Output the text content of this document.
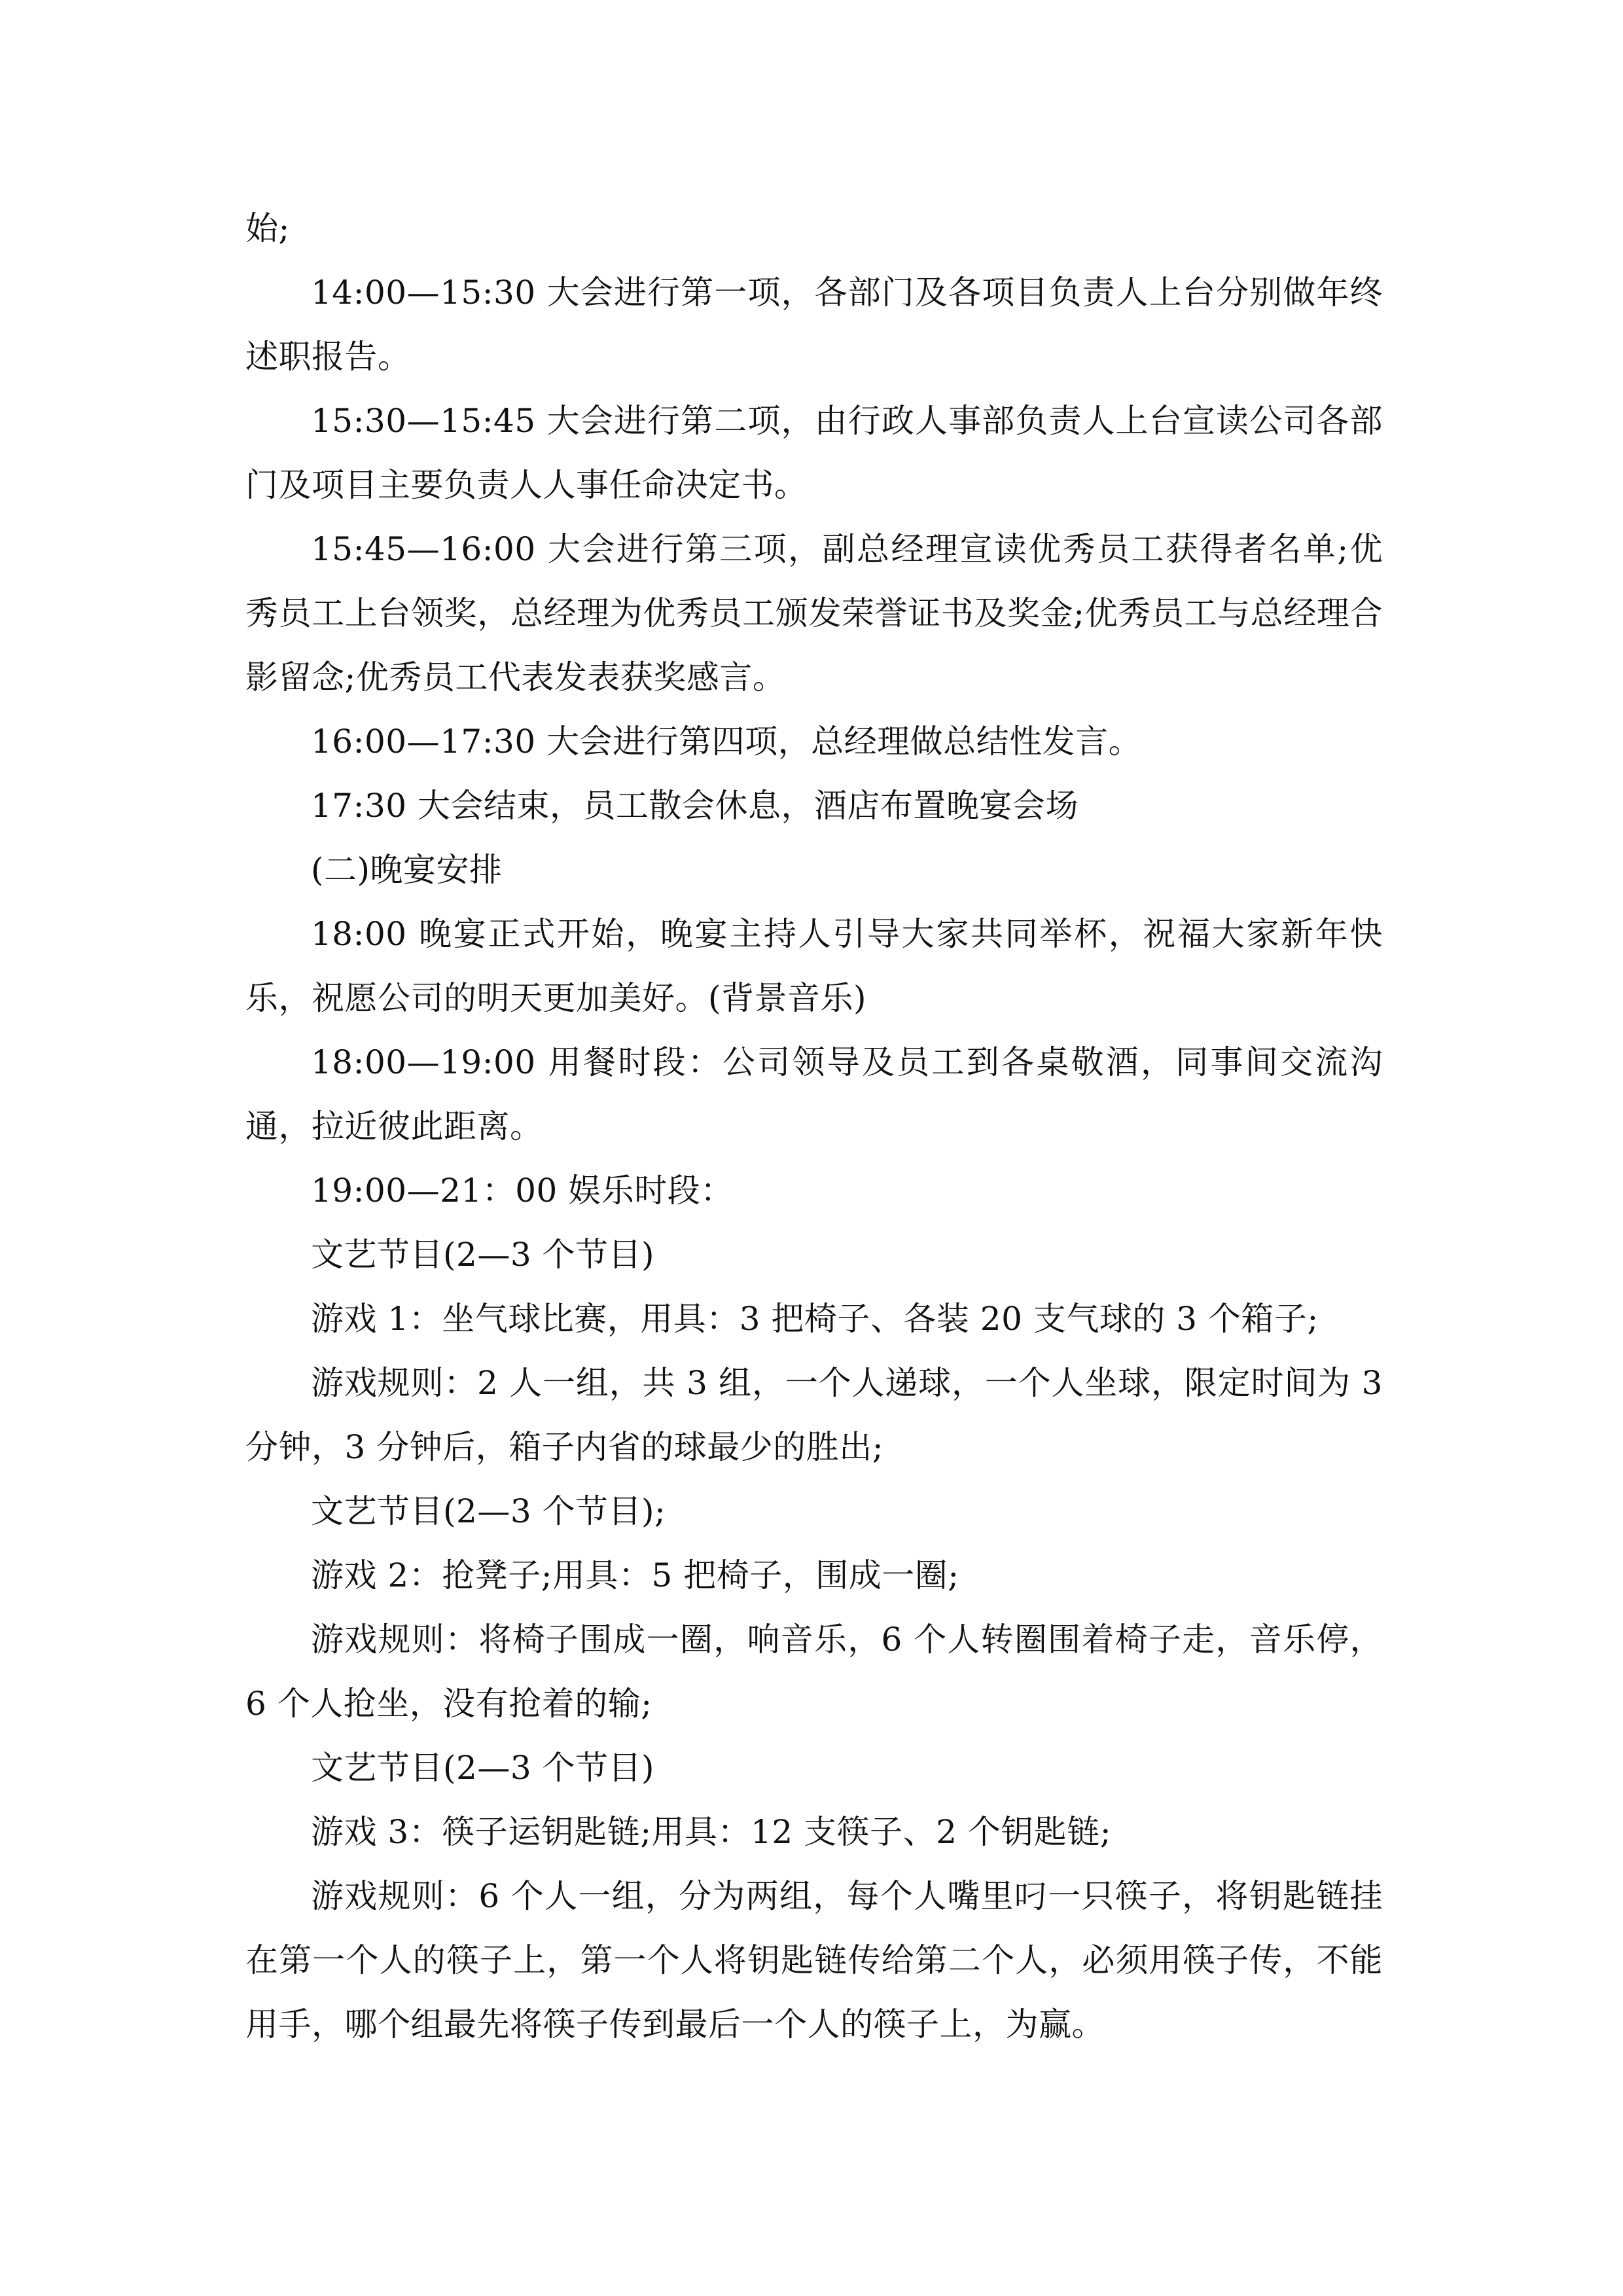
始;

14:00—15:30 大会进行第一项，各部门及各项目负责人上台分别做年终述职报告。

15:30—15:45 大会进行第二项，由行政人事部负责人上台宣读公司各部门及项目主要负责人人事任命决定书。

15:45—16:00 大会进行第三项，副总经理宣读优秀员工获得者名单;优秀员工上台领奖，总经理为优秀员工颁发荣誉证书及奖金;优秀员工与总经理合影留念;优秀员工代表发表获奖感言。

16:00—17:30 大会进行第四项，总经理做总结性发言。

17:30 大会结束，员工散会休息，酒店布置晚宴会场

(二)晚宴安排

18:00 晚宴正式开始，晚宴主持人引导大家共同举杯，祝福大家新年快乐，祝愿公司的明天更加美好。(背景音乐)

18:00—19:00 用餐时段：公司领导及员工到各桌敬酒，同事间交流沟通，拉近彼此距离。

19:00—21：00 娱乐时段：

文艺节目(2—3 个节目)

游戏 1：坐气球比赛，用具：3 把椅子、各装 20 支气球的 3 个箱子;

游戏规则：2 人一组，共 3 组，一个人递球，一个人坐球，限定时间为 3 分钟，3 分钟后，箱子内省的球最少的胜出;

文艺节目(2—3 个节目);

游戏 2：抢凳子;用具：5 把椅子，围成一圈;

游戏规则：将椅子围成一圈，响音乐，6 个人转圈围着椅子走，音乐停，6 个人抢坐，没有抢着的输;

文艺节目(2—3 个节目)

游戏 3：筷子运钥匙链;用具：12 支筷子、2 个钥匙链;

游戏规则：6 个人一组，分为两组，每个人嘴里叼一只筷子，将钥匙链挂在第一个人的筷子上，第一个人将钥匙链传给第二个人，必须用筷子传，不能用手，哪个组最先将筷子传到最后一个人的筷子上，为赢。
